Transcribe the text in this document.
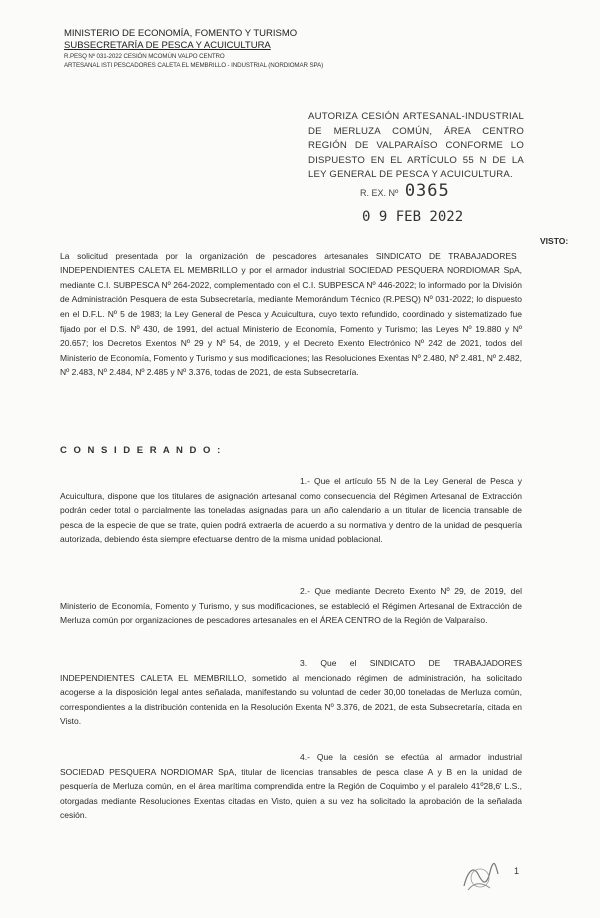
MINISTERIO DE ECONOMÍA, FOMENTO Y TURISMO
SUBSECRETARÍA DE PESCA Y ACUICULTURA
R.PESQ Nº 031-2022 CESIÓN MCOMÚN VALPO CENTRO
ARTESANAL ISTI PESCADORES CALETA EL MEMBRILLO - INDUSTRIAL (NORDIOMAR SPA)
AUTORIZA CESIÓN ARTESANAL-INDUSTRIAL DE MERLUZA COMÚN, ÁREA CENTRO REGIÓN DE VALPARAÍSO CONFORME LO DISPUESTO EN EL ARTÍCULO 55 N DE LA LEY GENERAL DE PESCA Y ACUICULTURA.
R. EX. Nº 0365
0 9 FEB 2022
VISTO: La solicitud presentada por la organización de pescadores artesanales SINDICATO DE TRABAJADORES INDEPENDIENTES CALETA EL MEMBRILLO y por el armador industrial SOCIEDAD PESQUERA NORDIOMAR SpA, mediante C.I. SUBPESCA Nº 264-2022, complementado con el C.I. SUBPESCA Nº 446-2022; lo informado por la División de Administración Pesquera de esta Subsecretaría, mediante Memorándum Técnico (R.PESQ) Nº 031-2022; lo dispuesto en el D.F.L. Nº 5 de 1983; la Ley General de Pesca y Acuicultura, cuyo texto refundido, coordinado y sistematizado fue fijado por el D.S. Nº 430, de 1991, del actual Ministerio de Economía, Fomento y Turismo; las Leyes Nº 19.880 y Nº 20.657; los Decretos Exentos Nº 29 y Nº 54, de 2019, y el Decreto Exento Electrónico Nº 242 de 2021, todos del Ministerio de Economía, Fomento y Turismo y sus modificaciones; las Resoluciones Exentas Nº 2.480, Nº 2.481, Nº 2.482, Nº 2.483, Nº 2.484, Nº 2.485 y Nº 3.376, todas de 2021, de esta Subsecretaría.
C O N S I D E R A N D O :
1.- Que el artículo 55 N de la Ley General de Pesca y Acuicultura, dispone que los titulares de asignación artesanal como consecuencia del Régimen Artesanal de Extracción podrán ceder total o parcialmente las toneladas asignadas para un año calendario a un titular de licencia transable de pesca de la especie de que se trate, quien podrá extraerla de acuerdo a su normativa y dentro de la unidad de pesquería autorizada, debiendo ésta siempre efectuarse dentro de la misma unidad poblacional.
2.- Que mediante Decreto Exento Nº 29, de 2019, del Ministerio de Economía, Fomento y Turismo, y sus modificaciones, se estableció el Régimen Artesanal de Extracción de Merluza común por organizaciones de pescadores artesanales en el ÁREA CENTRO de la Región de Valparaíso.
3. Que el SINDICATO DE TRABAJADORES INDEPENDIENTES CALETA EL MEMBRILLO, sometido al mencionado régimen de administración, ha solicitado acogerse a la disposición legal antes señalada, manifestando su voluntad de ceder 30,00 toneladas de Merluza común, correspondientes a la distribución contenida en la Resolución Exenta Nº 3.376, de 2021, de esta Subsecretaría, citada en Visto.
4.- Que la cesión se efectúa al armador industrial SOCIEDAD PESQUERA NORDIOMAR SpA, titular de licencias transables de pesca clase A y B en la unidad de pesquería de Merluza común, en el área marítima comprendida entre la Región de Coquimbo y el paralelo 41º28,6' L.S., otorgadas mediante Resoluciones Exentas citadas en Visto, quien a su vez ha solicitado la aprobación de la señalada cesión.
1
